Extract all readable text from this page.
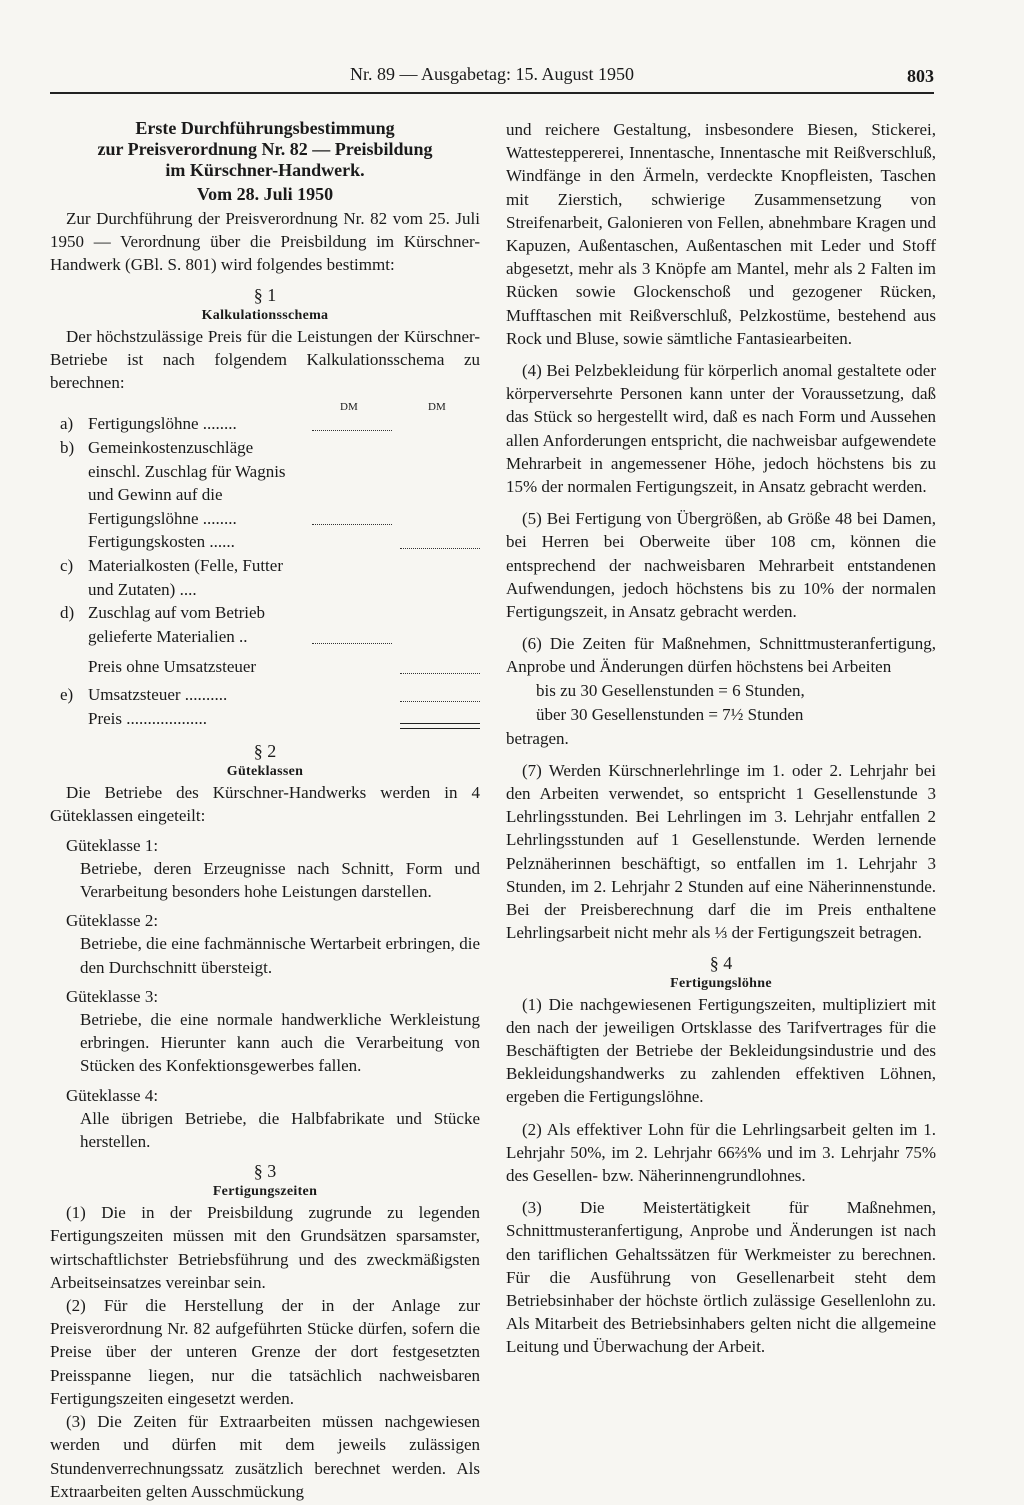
Nr. 89 — Ausgabetag: 15. August 1950	803
Erste Durchführungsbestimmung
zur Preisverordnung Nr. 82 — Preisbildung
im Kürschner-Handwerk.
Vom 28. Juli 1950

Zur Durchführung der Preisverordnung Nr. 82 vom 25. Juli 1950 — Verordnung über die Preisbildung im Kürschner-Handwerk (GBl. S. 801) wird folgendes bestimmt:

§ 1
Kalkulationsschema

Der höchstzulässige Preis für die Leistungen der Kürschner-Betriebe ist nach folgendem Kalkulationsschema zu berechnen:

DM	DM
a) Fertigungslöhne ........
b) Gemeinkostenzuschläge einschl. Zuschlag für Wagnis und Gewinn auf die Fertigungslöhne ........
Fertigungskosten ......
c) Materialkosten (Felle, Futter und Zutaten) ....
d) Zuschlag auf vom Betrieb gelieferte Materialien ..
Preis ohne Umsatzsteuer
e) Umsatzsteuer ..........
Preis ...................
§ 2
Güteklassen

Die Betriebe des Kürschner-Handwerks werden in 4 Güteklassen eingeteilt:

Güteklasse 1:

Betriebe, deren Erzeugnisse nach Schnitt, Form und Verarbeitung besonders hohe Leistungen darstellen.

Güteklasse 2:

Betriebe, die eine fachmännische Wertarbeit erbringen, die den Durchschnitt übersteigt.

Güteklasse 3:

Betriebe, die eine normale handwerkliche Werkleistung erbringen. Hierunter kann auch die Verarbeitung von Stücken des Konfektionsgewerbes fallen.

Güteklasse 4:

Alle übrigen Betriebe, die Halbfabrikate und Stücke herstellen.

§ 3
Fertigungszeiten

(1) Die in der Preisbildung zugrunde zu legenden Fertigungszeiten müssen mit den Grundsätzen sparsamster, wirtschaftlichster Betriebsführung und des zweckmäßigsten Arbeitseinsatzes vereinbar sein.

(2) Für die Herstellung der in der Anlage zur Preisverordnung Nr. 82 aufgeführten Stücke dürfen, sofern die Preise über der unteren Grenze der dort festgesetzten Preisspanne liegen, nur die tatsächlich nachweisbaren Fertigungszeiten eingesetzt werden.

(3) Die Zeiten für Extraarbeiten müssen nachgewiesen werden und dürfen mit dem jeweils zulässigen Stundenverrechnungssatz zusätzlich berechnet werden. Als Extraarbeiten gelten Ausschmückung

und reichere Gestaltung, insbesondere Biesen, Stickerei, Wattesteppererei, Innentasche, Innentasche mit Reißverschluß, Windfänge in den Ärmeln, verdeckte Knopfleisten, Taschen mit Zierstich, schwierige Zusammensetzung von Streifenarbeit, Galonieren von Fellen, abnehmbare Kragen und Kapuzen, Außentaschen, Außentaschen mit Leder und Stoff abgesetzt, mehr als 3 Knöpfe am Mantel, mehr als 2 Falten im Rücken sowie Glockenschoß und gezogener Rücken, Mufftaschen mit Reißverschluß, Pelzkostüme, bestehend aus Rock und Bluse, sowie sämtliche Fantasiearbeiten.

(4) Bei Pelzbekleidung für körperlich anomal gestaltete oder körperversehrte Personen kann unter der Voraussetzung, daß das Stück so hergestellt wird, daß es nach Form und Aussehen allen Anforderungen entspricht, die nachweisbar aufgewendete Mehrarbeit in angemessener Höhe, jedoch höchstens bis zu 15% der normalen Fertigungszeit, in Ansatz gebracht werden.

(5) Bei Fertigung von Übergrößen, ab Größe 48 bei Damen, bei Herren bei Oberweite über 108 cm, können die entsprechend der nachweisbaren Mehrarbeit entstandenen Aufwendungen, jedoch höchstens bis zu 10% der normalen Fertigungszeit, in Ansatz gebracht werden.

(6) Die Zeiten für Maßnehmen, Schnittmusteranfertigung, Anprobe und Änderungen dürfen höchstens bei Arbeiten

bis zu 30 Gesellenstunden = 6 Stunden,
über 30 Gesellenstunden = 7½ Stunden

betragen.

(7) Werden Kürschnerlehrlinge im 1. oder 2. Lehrjahr bei den Arbeiten verwendet, so entspricht 1 Gesellenstunde 3 Lehrlingsstunden. Bei Lehrlingen im 3. Lehrjahr entfallen 2 Lehrlingsstunden auf 1 Gesellenstunde. Werden lernende Pelznäherinnen beschäftigt, so entfallen im 1. Lehrjahr 3 Stunden, im 2. Lehrjahr 2 Stunden auf eine Näherinnenstunde. Bei der Preisberechnung darf die im Preis enthaltene Lehrlingsarbeit nicht mehr als ⅓ der Fertigungszeit betragen.

§ 4
Fertigungslöhne

(1) Die nachgewiesenen Fertigungszeiten, multipliziert mit den nach der jeweiligen Ortsklasse des Tarifvertrages für die Beschäftigten der Betriebe der Bekleidungsindustrie und des Bekleidungshandwerks zu zahlenden effektiven Löhnen, ergeben die Fertigungslöhne.

(2) Als effektiver Lohn für die Lehrlingsarbeit gelten im 1. Lehrjahr 50%, im 2. Lehrjahr 66⅔% und im 3. Lehrjahr 75% des Gesellen- bzw. Näherinnengrundlohnes.

(3) Die Meistertätigkeit für Maßnehmen, Schnittmusteranfertigung, Anprobe und Änderungen ist nach den tariflichen Gehaltssätzen für Werkmeister zu berechnen. Für die Ausführung von Gesellenarbeit steht dem Betriebsinhaber der höchste örtlich zulässige Gesellenlohn zu. Als Mitarbeit des Betriebsinhabers gelten nicht die allgemeine Leitung und Überwachung der Arbeit.
